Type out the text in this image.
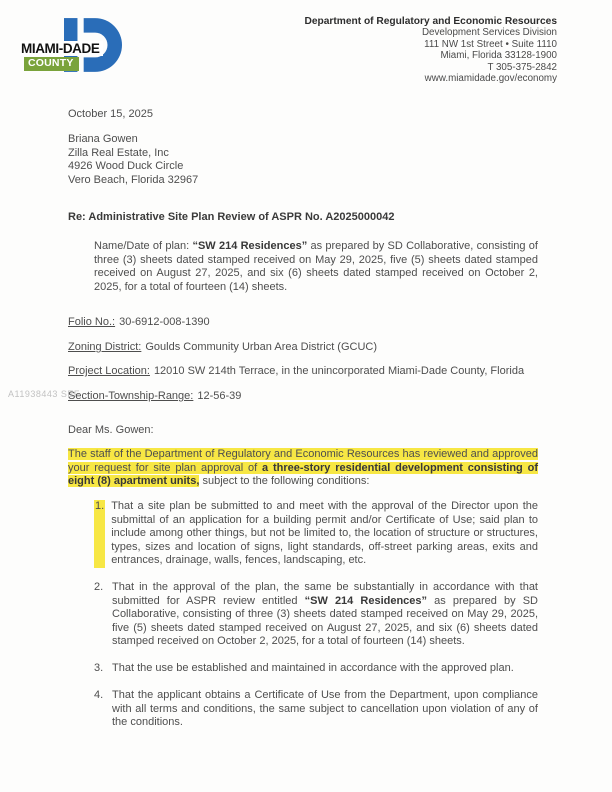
MIAMI-DADE
COUNTY
Department of Regulatory and Economic Resources
Development Services Division
111 NW 1st Street • Suite 1110
Miami, Florida 33128-1900
T 305-375-2842
www.miamidade.gov/economy
A11938443 SEF
October 15, 2025
Briana Gowen
Zilla Real Estate, Inc
4926 Wood Duck Circle
Vero Beach, Florida 32967
Re: Administrative Site Plan Review of ASPR No. A2025000042

Name/Date of plan: “SW 214 Residences” as prepared by SD Collaborative, consisting of three (3) sheets dated stamped received on May 29, 2025, five (5) sheets dated stamped received on August 27, 2025, and six (6) sheets dated stamped received on October 2, 2025, for a total of fourteen (14) sheets.

Folio No.: 30-6912-008-1390
Zoning District: Goulds Community Urban Area District (GCUC)
Project Location: 12010 SW 214th Terrace, in the unincorporated Miami-Dade County, Florida
Section-Township-Range: 12-56-39
Dear Ms. Gowen:

The staff of the Department of Regulatory and Economic Resources has reviewed and approved your request for site plan approval of a three-story residential development consisting of eight (8) apartment units, subject to the following conditions:

1. That a site plan be submitted to and meet with the approval of the Director upon the submittal of an application for a building permit and/or Certificate of Use; said plan to include among other things, but not be limited to, the location of structure or structures, types, sizes and location of signs, light standards, off-street parking areas, exits and entrances, drainage, walls, fences, landscaping, etc.

2. That in the approval of the plan, the same be substantially in accordance with that submitted for ASPR review entitled “SW 214 Residences” as prepared by SD Collaborative, consisting of three (3) sheets dated stamped received on May 29, 2025, five (5) sheets dated stamped received on August 27, 2025, and six (6) sheets dated stamped received on October 2, 2025, for a total of fourteen (14) sheets.

3. That the use be established and maintained in accordance with the approved plan.

4. That the applicant obtains a Certificate of Use from the Department, upon compliance with all terms and conditions, the same subject to cancellation upon violation of any of the conditions.
